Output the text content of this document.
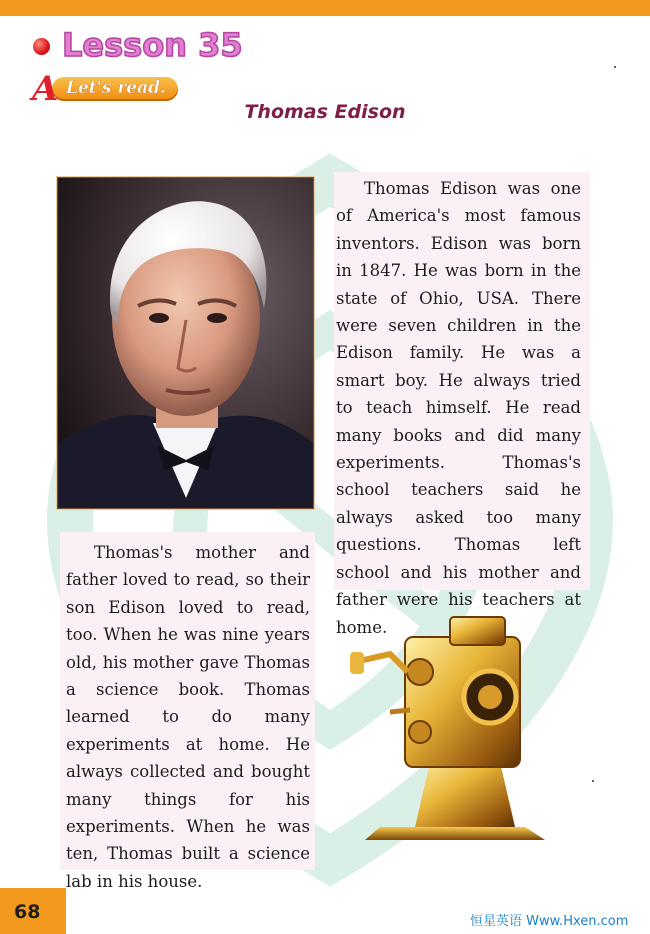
Lesson 35
A Let's read.
Thomas Edison

Thomas Edison was one of America's most famous inventors. Edison was born in 1847. He was born in the state of Ohio, USA. There were seven children in the Edison family. He was a smart boy. He always tried to teach himself. He read many books and did many experiments. Thomas's school teachers said he always asked too many questions. Thomas left school and his mother and father were his teachers at home.

Thomas's mother and father loved to read, so their son Edison loved to read, too. When he was nine years old, his mother gave Thomas a science book. Thomas learned to do many experiments at home. He always collected and bought many things for his experiments. When he was ten, Thomas built a science lab in his house.

68	恒星英语 Www.Hxen.com
